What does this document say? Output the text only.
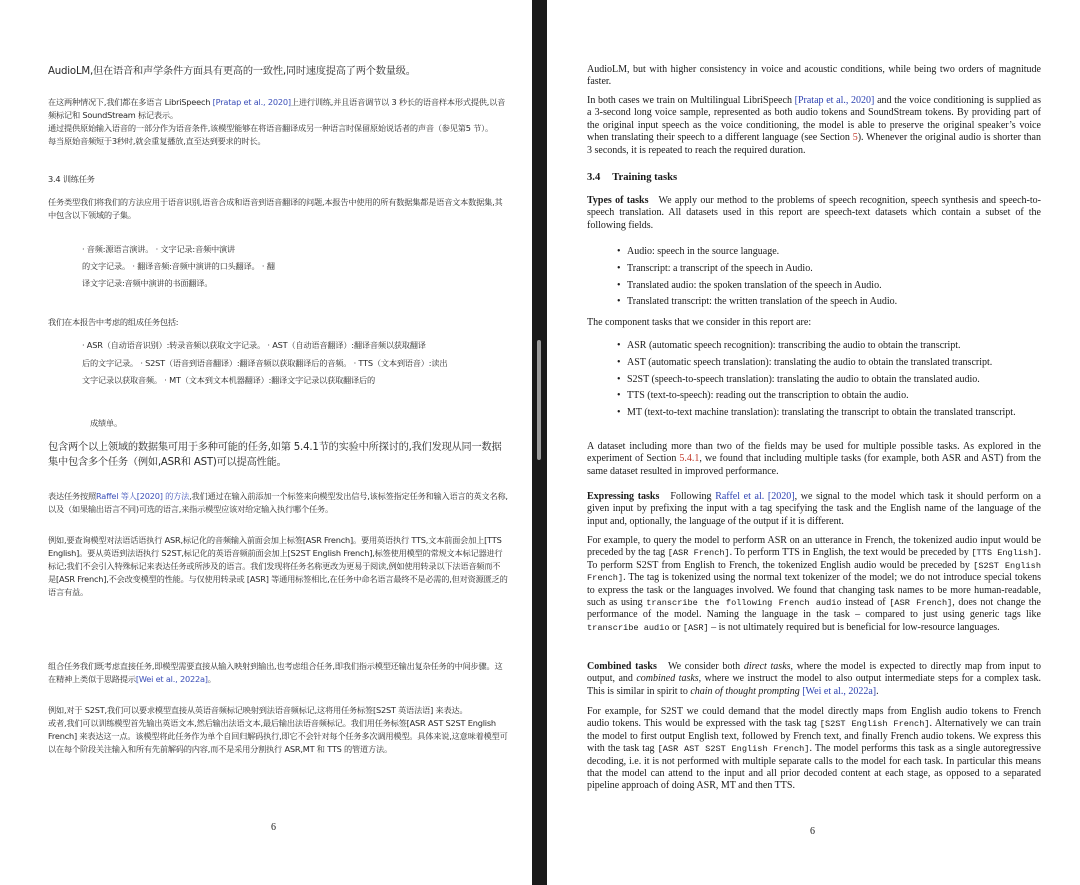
AudioLM,但在语音和声学条件方面具有更高的一致性,同时速度提高了两个数量级。

在这两种情况下,我们都在多语言 LibriSpeech [Pratap et al., 2020]上进行训练,并且语音调节以 3 秒长的语音样本形式提供,以音频标记和 SoundStream 标记表示。

通过提供原始输入语音的一部分作为语音条件,该模型能够在将语音翻译成另一种语言时保留原始说话者的声音（参见第5 节）。

每当原始音频短于3秒时,就会重复播放,直至达到要求的时长。

3.4 训练任务

任务类型我们将我们的方法应用于语音识别,语音合成和语音到语音翻译的问题,本报告中使用的所有数据集都是语音文本数据集,其中包含以下领域的子集。

· 音频:源语言演讲。 · 文字记录:音频中演讲

的文字记录。 · 翻译音频:音频中演讲的口头翻译。 · 翻

译文字记录:音频中演讲的书面翻译。

我们在本报告中考虑的组成任务包括:

· ASR（自动语音识别）:转录音频以获取文字记录。 · AST（自动语音翻译）:翻译音频以获取翻译

后的文字记录。 · S2ST（语音到语音翻译）:翻译音频以获取翻译后的音频。 · TTS（文本到语音）:读出

文字记录以获取音频。 · MT（文本到文本机器翻译）:翻译文字记录以获取翻译后的

成绩单。

包含两个以上领域的数据集可用于多种可能的任务,如第 5.4.1节的实验中所探讨的,我们发现从同一数据集中包含多个任务（例如,ASR和 AST)可以提高性能。

表达任务按照Raffel 等人[2020] 的方法,我们通过在输入前添加一个标签来向模型发出信号,该标签指定任务和输入语言的英文名称,以及（如果输出语言不同)可选的语言,来指示模型应该对给定输入执行哪个任务。

例如,要查询模型对法语话语执行 ASR,标记化的音频输入前面会加上标签[ASR French]。要用英语执行 TTS,文本前面会加上[TTS English]。要从英语到法语执行 S2ST,标记化的英语音频前面会加上[S2ST English French],标签使用模型的常规文本标记器进行标记;我们不会引入特殊标记来表达任务或所涉及的语言。我们发现将任务名称更改为更易于阅读,例如使用转录以下法语音频而不是[ASR French],不会改变模型的性能。与仅使用转录或 [ASR] 等通用标签相比,在任务中命名语言最终不是必需的,但对资源匮乏的语言有益。

组合任务我们既考虑直接任务,即模型需要直接从输入映射到输出,也考虑组合任务,即我们指示模型还输出复杂任务的中间步骤。这在精神上类似于思路提示[Wei et al., 2022a]。

例如,对于 S2ST,我们可以要求模型直接从英语音频标记映射到法语音频标记,这将用任务标签[S2ST 英语法语] 来表达。

或者,我们可以训练模型首先输出英语文本,然后输出法语文本,最后输出法语音频标记。我们用任务标签[ASR AST S2ST English French] 来表达这一点。该模型将此任务作为单个自回归解码执行,即它不会针对每个任务多次调用模型。具体来说,这意味着模型可以在每个阶段关注输入和所有先前解码的内容,而不是采用分割执行 ASR,MT 和 TTS 的管道方法。

6

AudioLM, but with higher consistency in voice and acoustic conditions, while being two orders of magnitude faster.

In both cases we train on Multilingual LibriSpeech [Pratap et al., 2020] and the voice conditioning is supplied as a 3-second long voice sample, represented as both audio tokens and SoundStream tokens. By providing part of the original input speech as the voice conditioning, the model is able to preserve the original speaker’s voice when translating their speech to a different language (see Section 5). Whenever the original audio is shorter than 3 seconds, it is repeated to reach the required duration.

3.4 Training tasks

Types of tasks We apply our method to the problems of speech recognition, speech synthesis and speech-to-speech translation. All datasets used in this report are speech-text datasets which contain a subset of the following fields.

• Audio: speech in the source language.
• Transcript: a transcript of the speech in Audio.
• Translated audio: the spoken translation of the speech in Audio.
• Translated transcript: the written translation of the speech in Audio.

The component tasks that we consider in this report are:

• ASR (automatic speech recognition): transcribing the audio to obtain the transcript.
• AST (automatic speech translation): translating the audio to obtain the translated transcript.
• S2ST (speech-to-speech translation): translating the audio to obtain the translated audio.
• TTS (text-to-speech): reading out the transcription to obtain the audio.
• MT (text-to-text machine translation): translating the transcript to obtain the translated transcript.

A dataset including more than two of the fields may be used for multiple possible tasks. As explored in the experiment of Section 5.4.1, we found that including multiple tasks (for example, both ASR and AST) from the same dataset resulted in improved performance.

Expressing tasks Following Raffel et al. [2020], we signal to the model which task it should perform on a given input by prefixing the input with a tag specifying the task and the English name of the language of the input and, optionally, the language of the output if it is different.

For example, to query the model to perform ASR on an utterance in French, the tokenized audio input would be preceded by the tag [ASR French]. To perform TTS in English, the text would be preceded by [TTS English]. To perform S2ST from English to French, the tokenized English audio would be preceded by [S2ST English French]. The tag is tokenized using the normal text tokenizer of the model; we do not introduce special tokens to express the task or the languages involved. We found that changing task names to be more human-readable, such as using transcribe the following French audio instead of [ASR French], does not change the performance of the model. Naming the language in the task – compared to just using generic tags like transcribe audio or [ASR] – is not ultimately required but is beneficial for low-resource languages.

Combined tasks We consider both direct tasks, where the model is expected to directly map from input to output, and combined tasks, where we instruct the model to also output intermediate steps for a complex task. This is similar in spirit to chain of thought prompting [Wei et al., 2022a].

For example, for S2ST we could demand that the model directly maps from English audio tokens to French audio tokens. This would be expressed with the task tag [S2ST English French]. Alternatively we can train the model to first output English text, followed by French text, and finally French audio tokens. We express this with the task tag [ASR AST S2ST English French]. The model performs this task as a single autoregressive decoding, i.e. it is not performed with multiple separate calls to the model for each task. In particular this means that the model can attend to the input and all prior decoded content at each stage, as opposed to a separated pipeline approach of doing ASR, MT and then TTS.

6
